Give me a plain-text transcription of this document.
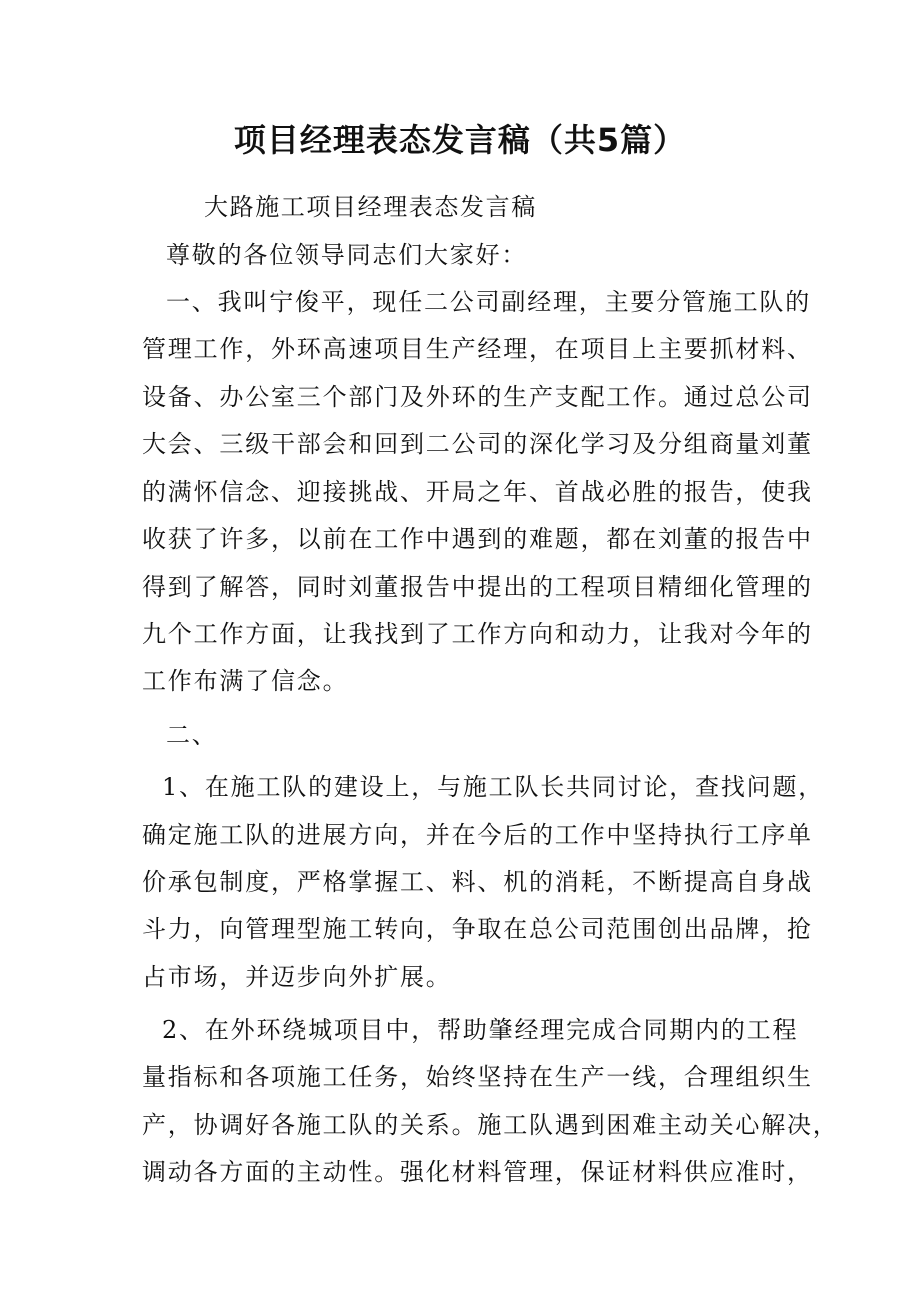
项目经理表态发言稿（共5篇）
大路施工项目经理表态发言稿
尊敬的各位领导同志们大家好：
一、我叫宁俊平，现任二公司副经理，主要分管施工队的
管理工作，外环高速项目生产经理，在项目上主要抓材料、
设备、办公室三个部门及外环的生产支配工作。通过总公司
大会、三级干部会和回到二公司的深化学习及分组商量刘董
的满怀信念、迎接挑战、开局之年、首战必胜的报告，使我
收获了许多，以前在工作中遇到的难题，都在刘董的报告中
得到了解答，同时刘董报告中提出的工程项目精细化管理的
九个工作方面，让我找到了工作方向和动力，让我对今年的
工作布满了信念。
二、
1、在施工队的建设上，与施工队长共同讨论，查找问题，
确定施工队的进展方向，并在今后的工作中坚持执行工序单
价承包制度，严格掌握工、料、机的消耗，不断提高自身战
斗力，向管理型施工转向，争取在总公司范围创出品牌，抢
占市场，并迈步向外扩展。
2、在外环绕城项目中，帮助肇经理完成合同期内的工程
量指标和各项施工任务，始终坚持在生产一线，合理组织生
产，协调好各施工队的关系。施工队遇到困难主动关心解决，
调动各方面的主动性。强化材料管理，保证材料供应准时，
